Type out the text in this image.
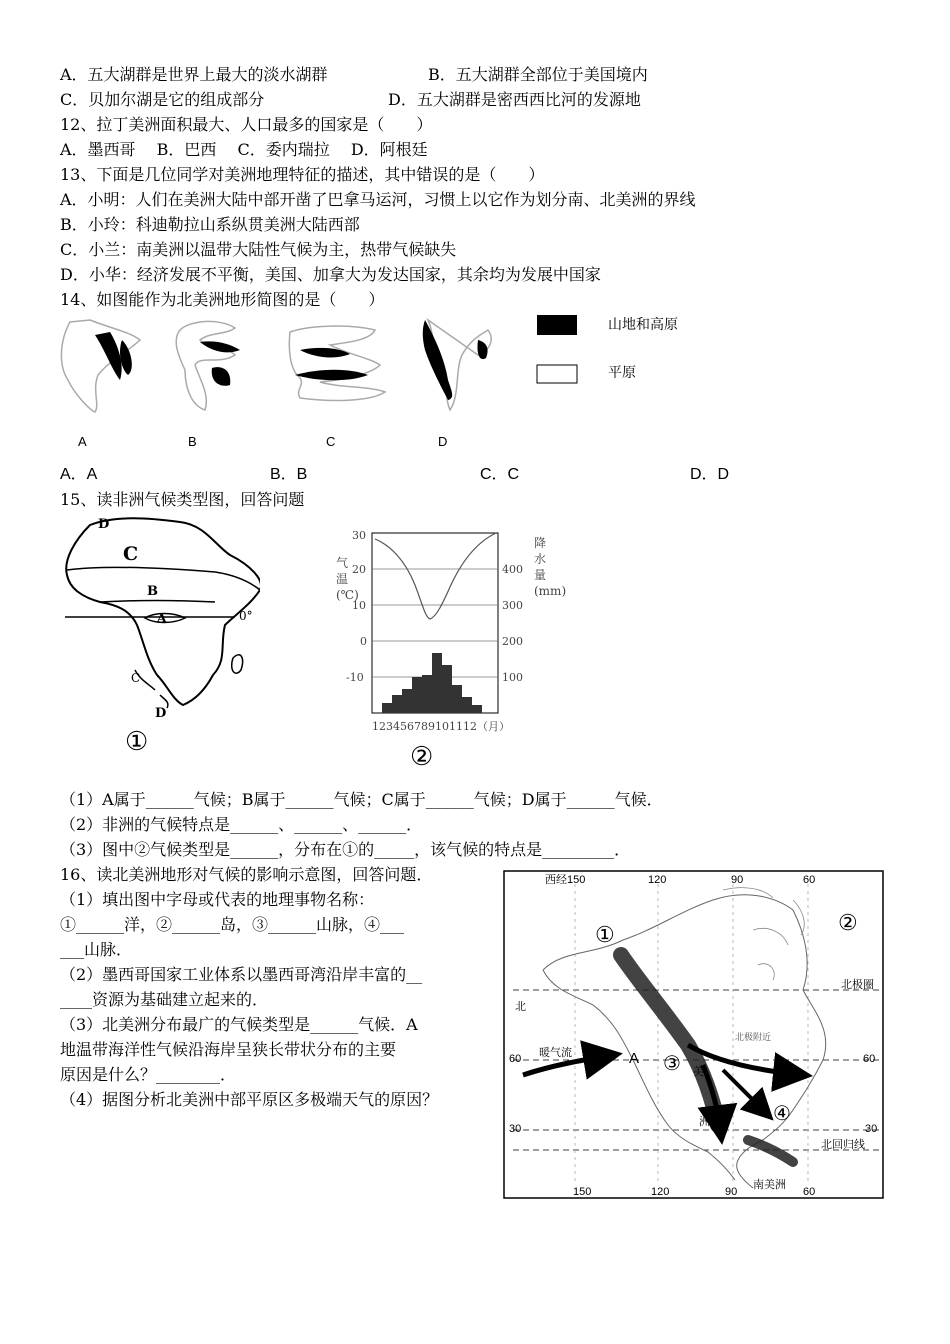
A．五大湖群是世界上最大的淡水湖群	B．五大湖群全部位于美国境内
C．贝加尔湖是它的组成部分	D．五大湖群是密西西比河的发源地
12、拉丁美洲面积最大、人口最多的国家是（　　）
A．墨西哥　 B．巴西　 C．委内瑞拉　 D．阿根廷
13、下面是几位同学对美洲地理特征的描述，其中错误的是（　　）
A．小明：人们在美洲大陆中部开凿了巴拿马运河，习惯上以它作为划分南、北美洲的界线
B．小玲：科迪勒拉山系纵贯美洲大陆西部
C．小兰：南美洲以温带大陆性气候为主，热带气候缺失
D．小华：经济发展不平衡，美国、加拿大为发达国家，其余均为发展中国家
14、如图能作为北美洲地形简图的是（　　）
山地和高原
平原
A	B	C	D
A．A	B．B	C．C	D．D
15、读非洲气候类型图，回答问题
D
C
B
A	0°
C
D
①
30
20
10
0
-10
400
300
200
100
123456789101112（月）
②
气温(℃)
降水量(mm)
（1）A属于______气候；B属于______气候；C属于______气候；D属于______气候．
（2）非洲的气候特点是______、______、______．
（3）图中②气候类型是______，分布在①的_____，该气候的特点是_________．
16、读北美洲地形对气候的影响示意图，回答问题．
（1）填出图中字母或代表的地理事物名称：
①______洋，②______岛，③______山脉，④___
___山脉．
（2）墨西哥国家工业体系以墨西哥湾沿岸丰富的__
____资源为基础建立起来的．
（3）北美洲分布最广的气候类型是______气候．A
地温带海洋性气候沿海岸呈狭长带状分布的主要
原因是什么？________．
（4）据图分析北美洲中部平原区多极端天气的原因？
西经150	120	90	60
①	②
③
④
北极圈
60	60
30	30
北回归线
150	120	90	60
暖气流	A
南美洲
北
美
洲
北极附近
